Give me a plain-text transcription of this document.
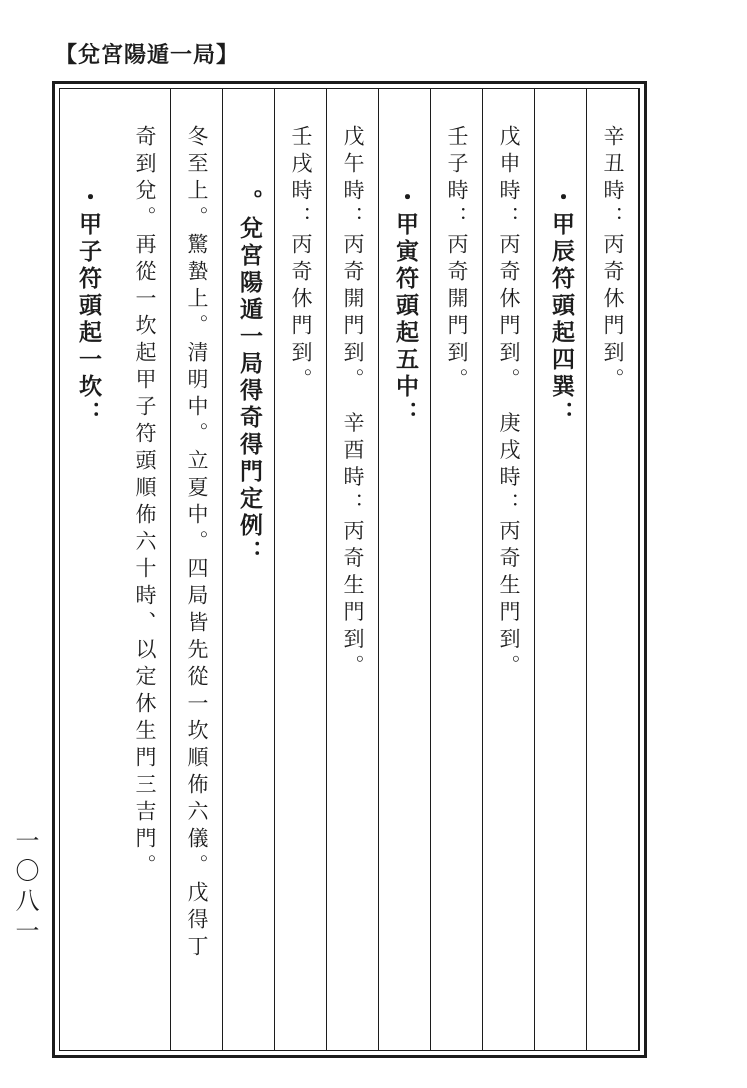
【兌宮陽遁一局】
辛丑時：丙奇休門到。
・甲辰符頭起四巽：
戊申時：丙奇休門到。　庚戌時：丙奇生門到。
壬子時：丙奇開門到。
・甲寅符頭起五中：
戊午時：丙奇開門到。　辛酉時：丙奇生門到。
壬戌時：丙奇休門到。
。兌宮陽遁一局得奇得門定例：
冬至上。驚蟄上。清明中。立夏中。四局皆先從一坎順佈六儀。戊得丁
奇到兌。再從一坎起甲子符頭順佈六十時、以定休生門三吉門。
・甲子符頭起一坎：
一〇八一
